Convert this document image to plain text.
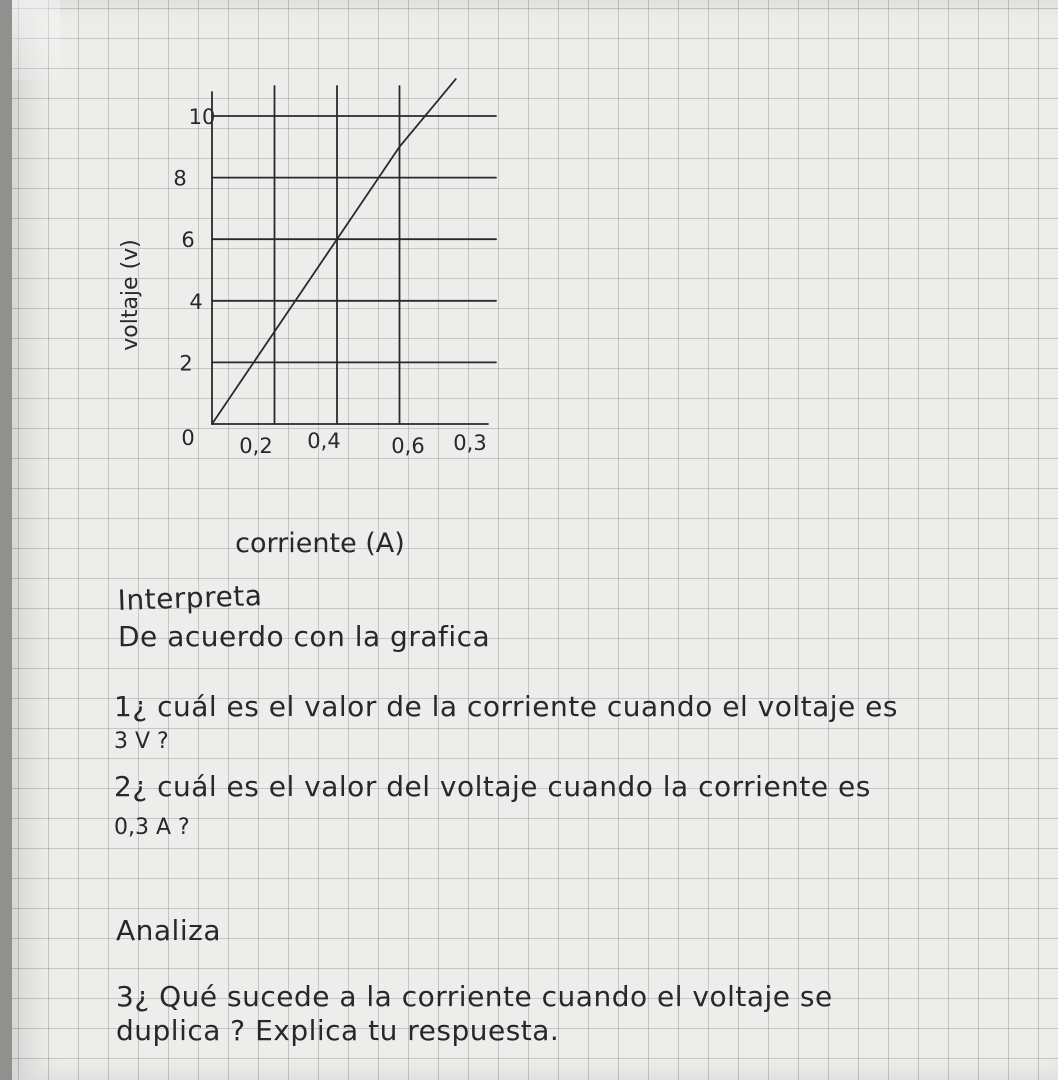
0 0,2 0,4 0,6 0,3
2
4
6
8
10
voltaje (v)
corriente (A)
Interpreta
De acuerdo con la grafica
1¿ cuál es el valor de la corriente cuando el voltaje es
3 V ?
2¿ cuál es el valor del voltaje cuando la corriente es
0,3 A ?
Analiza
3¿ Qué sucede a la corriente cuando el voltaje se
duplica ? Explica tu respuesta.
